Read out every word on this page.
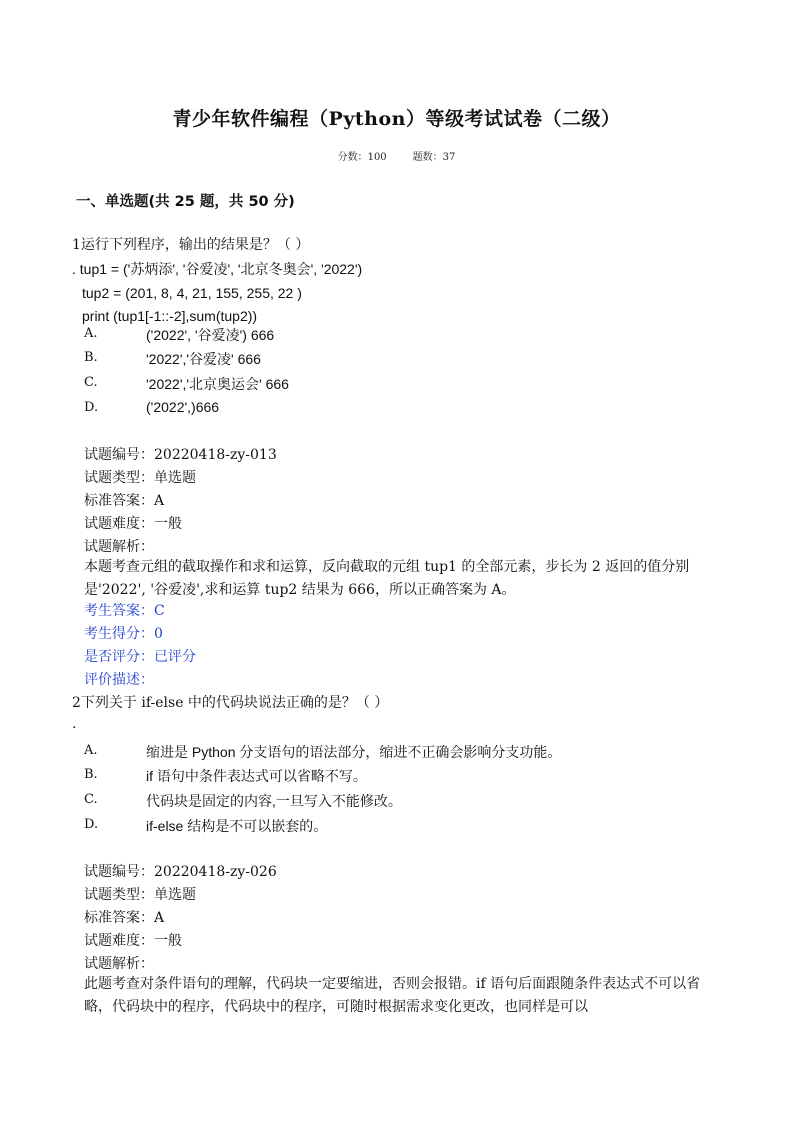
青少年软件编程（Python）等级考试试卷（二级）
分数：100	题数：37
一、单选题(共 25 题，共 50 分)
1运行下列程序，输出的结果是？（ ）
. tup1 = ('苏炳添', '谷爱凌', '北京冬奥会', '2022')
tup2 = (201, 8, 4, 21, 155, 255, 22 )
print (tup1[-1::-2],sum(tup2))
A.	('2022', '谷爱凌') 666
B.	'2022','谷爱凌' 666
C.	'2022','北京奥运会' 666
D.	('2022',)666
试题编号：20220418-zy-013
试题类型：单选题
标准答案：A
试题难度：一般
试题解析：
本题考查元组的截取操作和求和运算，反向截取的元组 tup1 的全部元素，步长为 2 返回的值分别是'2022', '谷爱凌',求和运算 tup2 结果为 666，所以正确答案为 A。
考生答案：C
考生得分：0
是否评分：已评分
评价描述：
2下列关于 if-else 中的代码块说法正确的是？（ ）
.
A.	缩进是 Python 分支语句的语法部分，缩进不正确会影响分支功能。
B.	if 语句中条件表达式可以省略不写。
C.	代码块是固定的内容,一旦写入不能修改。
D.	if-else 结构是不可以嵌套的。
试题编号：20220418-zy-026
试题类型：单选题
标准答案：A
试题难度：一般
试题解析：
此题考查对条件语句的理解，代码块一定要缩进，否则会报错。if 语句后面跟随条件表达式不可以省略，代码块中的程序，代码块中的程序，可随时根据需求变化更改，也同样是可以
